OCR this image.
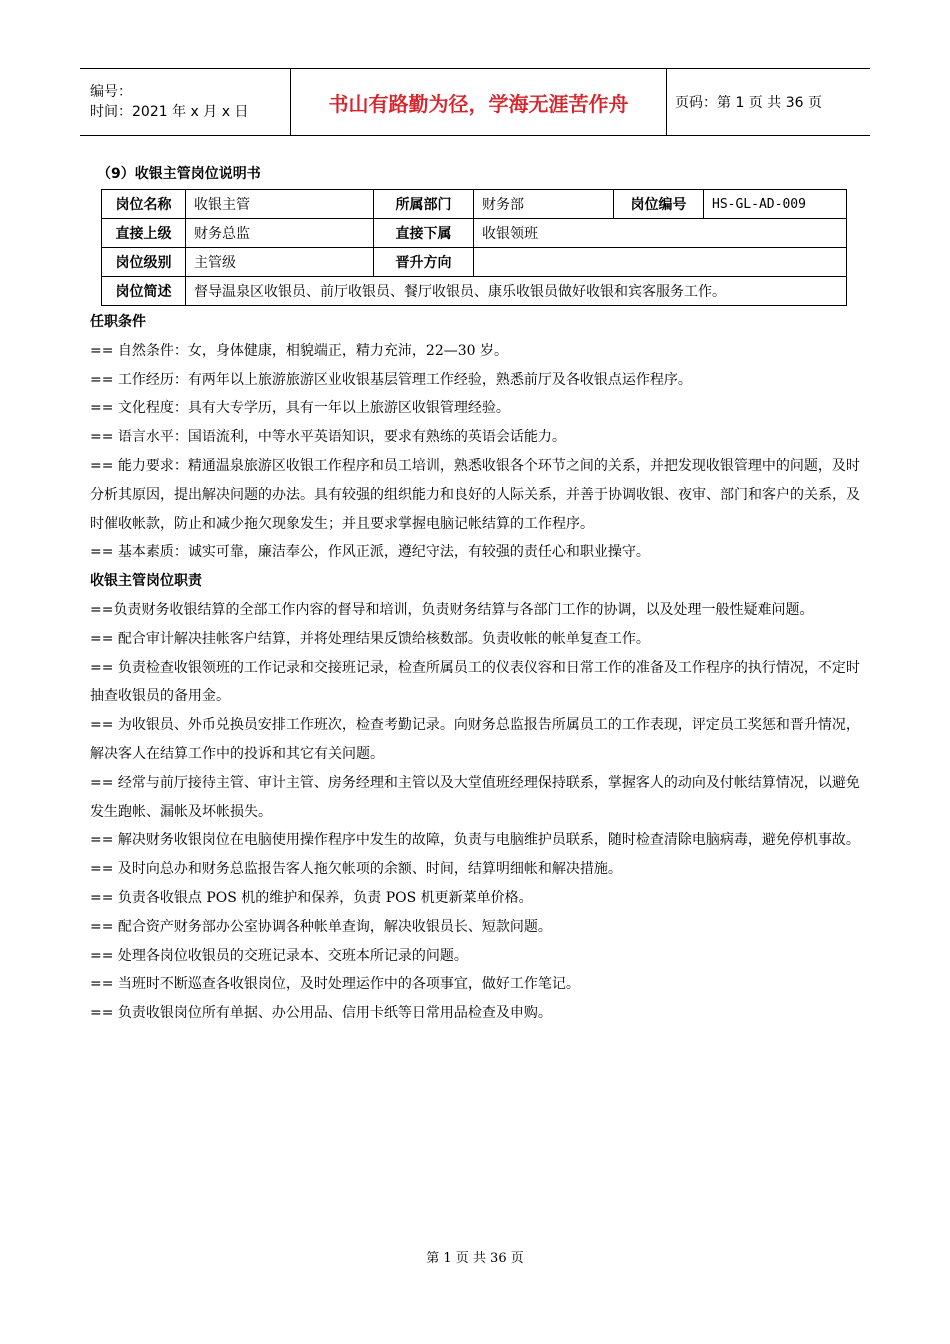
编号：
时间：2021 年 x 月 x 日	书山有路勤为径，学海无涯苦作舟	页码：第 1 页 共 36 页
（9）收银主管岗位说明书
岗位名称	收银主管	所属部门	财务部	岗位编号	HS-GL-AD-009
直接上级	财务总监	直接下属	收银领班		
岗位级别	主管级	晋升方向			
岗位简述	督导温泉区收银员、前厅收银员、餐厅收银员、康乐收银员做好收银和宾客服务工作。				
任职条件

== 自然条件：女，身体健康，相貌端正，精力充沛，22—30 岁。

== 工作经历：有两年以上旅游旅游区业收银基层管理工作经验，熟悉前厅及各收银点运作程序。

== 文化程度：具有大专学历，具有一年以上旅游区收银管理经验。

== 语言水平：国语流利，中等水平英语知识，要求有熟练的英语会话能力。

== 能力要求：精通温泉旅游区收银工作程序和员工培训，熟悉收银各个环节之间的关系，并把发现收银管理中的问题，及时分析其原因，提出解决问题的办法。具有较强的组织能力和良好的人际关系，并善于协调收银、夜审、部门和客户的关系，及时催收帐款，防止和减少拖欠现象发生；并且要求掌握电脑记帐结算的工作程序。

== 基本素质：诚实可靠，廉洁奉公，作风正派，遵纪守法，有较强的责任心和职业操守。

收银主管岗位职责

==负责财务收银结算的全部工作内容的督导和培训，负责财务结算与各部门工作的协调，以及处理一般性疑难问题。

== 配合审计解决挂帐客户结算，并将处理结果反馈给核数部。负责收帐的帐单复查工作。

== 负责检查收银领班的工作记录和交接班记录，检查所属员工的仪表仪容和日常工作的准备及工作程序的执行情况，不定时抽查收银员的备用金。

== 为收银员、外币兑换员安排工作班次，检查考勤记录。向财务总监报告所属员工的工作表现，评定员工奖惩和晋升情况，解决客人在结算工作中的投诉和其它有关问题。

== 经常与前厅接待主管、审计主管、房务经理和主管以及大堂值班经理保持联系，掌握客人的动向及付帐结算情况，以避免发生跑帐、漏帐及坏帐损失。

== 解决财务收银岗位在电脑使用操作程序中发生的故障，负责与电脑维护员联系，随时检查清除电脑病毒，避免停机事故。

== 及时向总办和财务总监报告客人拖欠帐项的余额、时间，结算明细帐和解决措施。

== 负责各收银点 POS 机的维护和保养，负责 POS 机更新菜单价格。

== 配合资产财务部办公室协调各种帐单查询，解决收银员长、短款问题。

== 处理各岗位收银员的交班记录本、交班本所记录的问题。

== 当班时不断巡查各收银岗位，及时处理运作中的各项事宜，做好工作笔记。

== 负责收银岗位所有单据、办公用品、信用卡纸等日常用品检查及申购。

第 1 页 共 36 页
